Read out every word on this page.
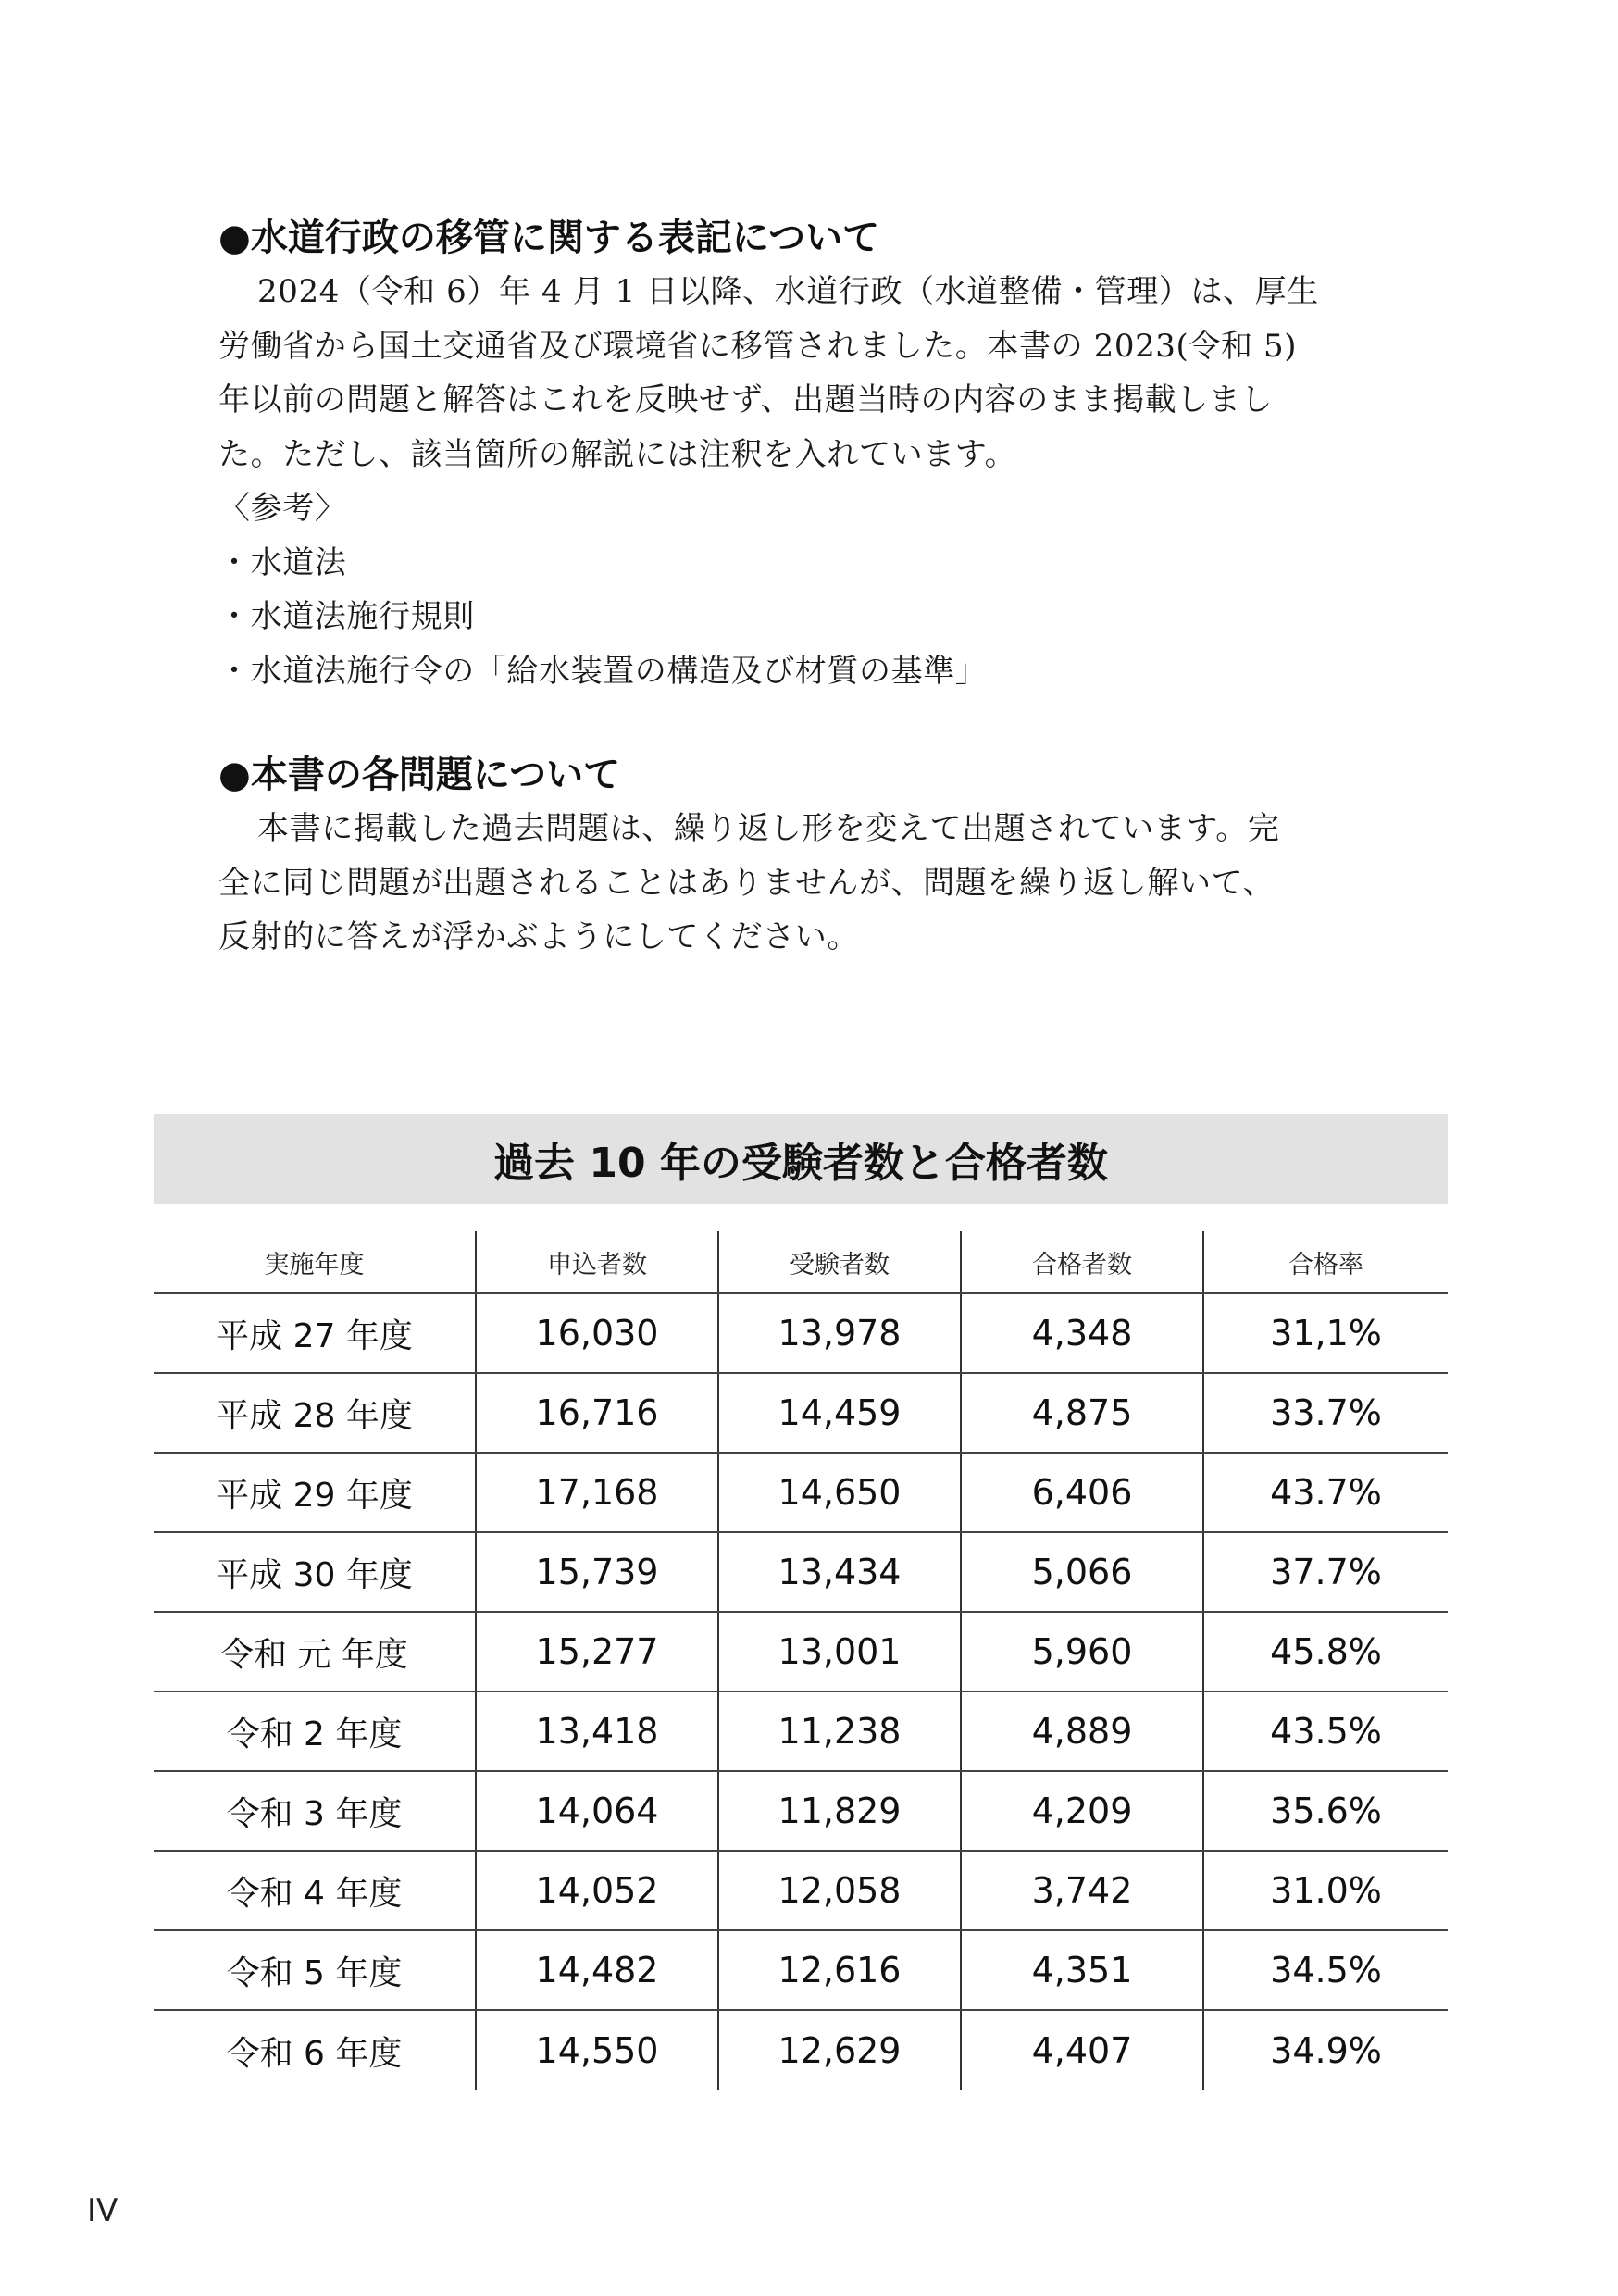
●水道行政の移管に関する表記について
2024（令和 6）年 4 月 1 日以降、水道行政（水道整備・管理）は、厚生
労働省から国土交通省及び環境省に移管されました。本書の 2023(令和 5)
年以前の問題と解答はこれを反映せず、出題当時の内容のまま掲載しまし
た。ただし、該当箇所の解説には注釈を入れています。
〈参考〉
・水道法
・水道法施行規則
・水道法施行令の「給水装置の構造及び材質の基準」
●本書の各問題について
本書に掲載した過去問題は、繰り返し形を変えて出題されています。完
全に同じ問題が出題されることはありませんが、問題を繰り返し解いて、
反射的に答えが浮かぶようにしてください。
過去 10 年の受験者数と合格者数
実施年度	申込者数	受験者数	合格者数	合格率
平成 27 年度	16,030	13,978	4,348	31,1%
平成 28 年度	16,716	14,459	4,875	33.7%
平成 29 年度	17,168	14,650	6,406	43.7%
平成 30 年度	15,739	13,434	5,066	37.7%
令和 元 年度	15,277	13,001	5,960	45.8%
令和 2 年度	13,418	11,238	4,889	43.5%
令和 3 年度	14,064	11,829	4,209	35.6%
令和 4 年度	14,052	12,058	3,742	31.0%
令和 5 年度	14,482	12,616	4,351	34.5%
令和 6 年度	14,550	12,629	4,407	34.9%
IV
